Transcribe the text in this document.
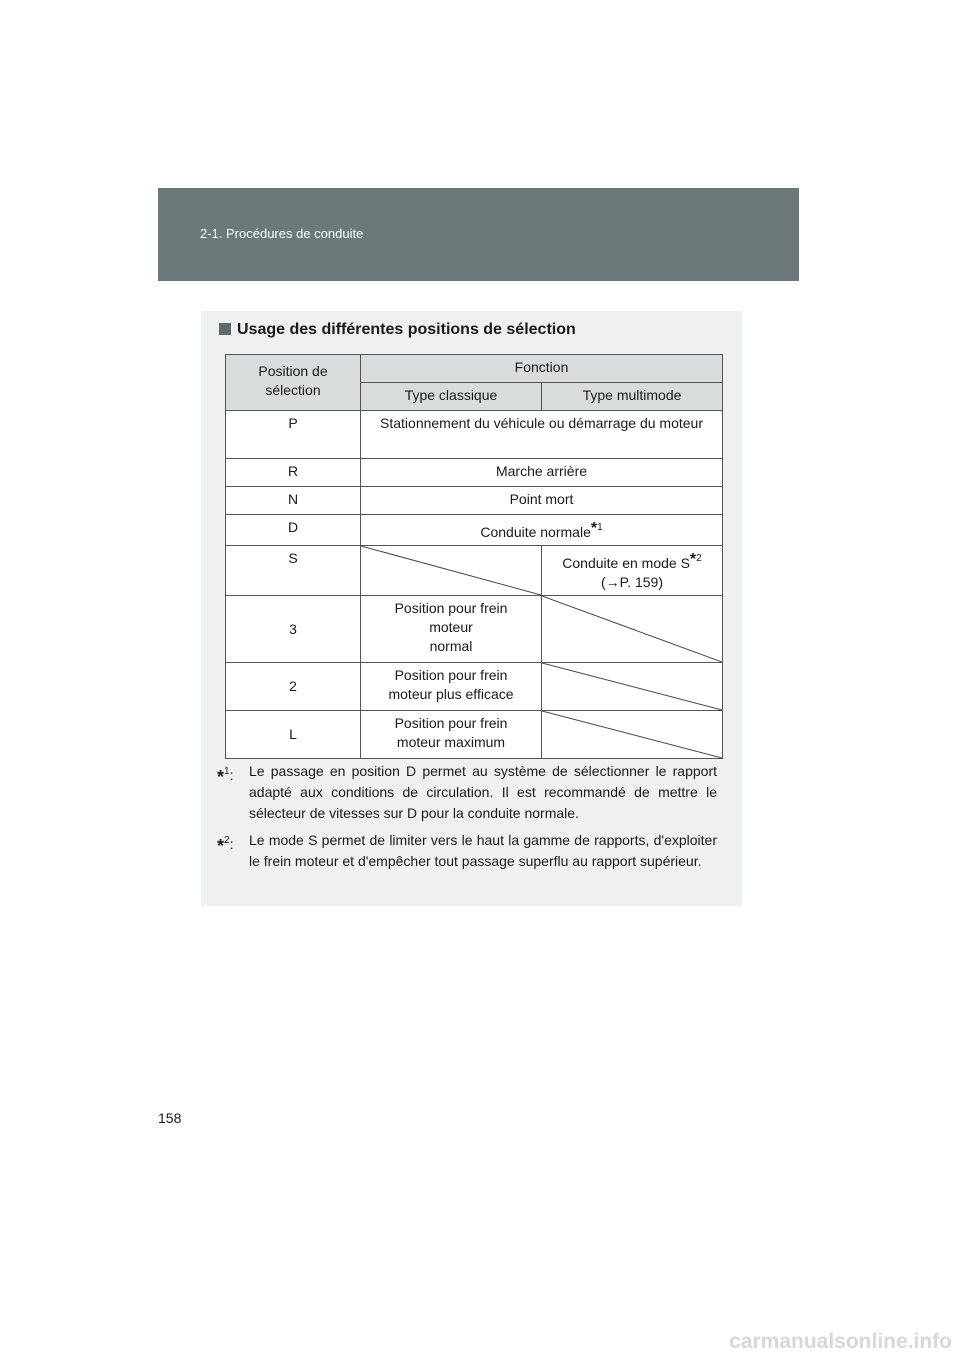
2-1. Procédures de conduite
Usage des différentes positions de sélection
Position de sélection	Fonction	
	Type classique	Type multimode
P	Stationnement du véhicule ou démarrage du moteur	
R	Marche arrière	
N	Point mort	
D	Conduite normale$^{*1}$
S		Conduite en mode $S^{*2}$
(→P. 159)
3	Position pour frein
moteur
normal	

2	Position pour frein
moteur plus efficace	

L	Position pour frein
moteur maximum	
*$^1$: Le passage en position D permet au système de sélectionner le rapport adapté aux conditions de circulation. Il est recommandé de mettre le sélecteur de vitesses sur D pour la conduite normale.
*$^2$: Le mode S permet de limiter vers le haut la gamme de rapports, d'exploiter le frein moteur et d'empêcher tout passage superflu au rapport supérieur.
158
carmanualsonline.info
